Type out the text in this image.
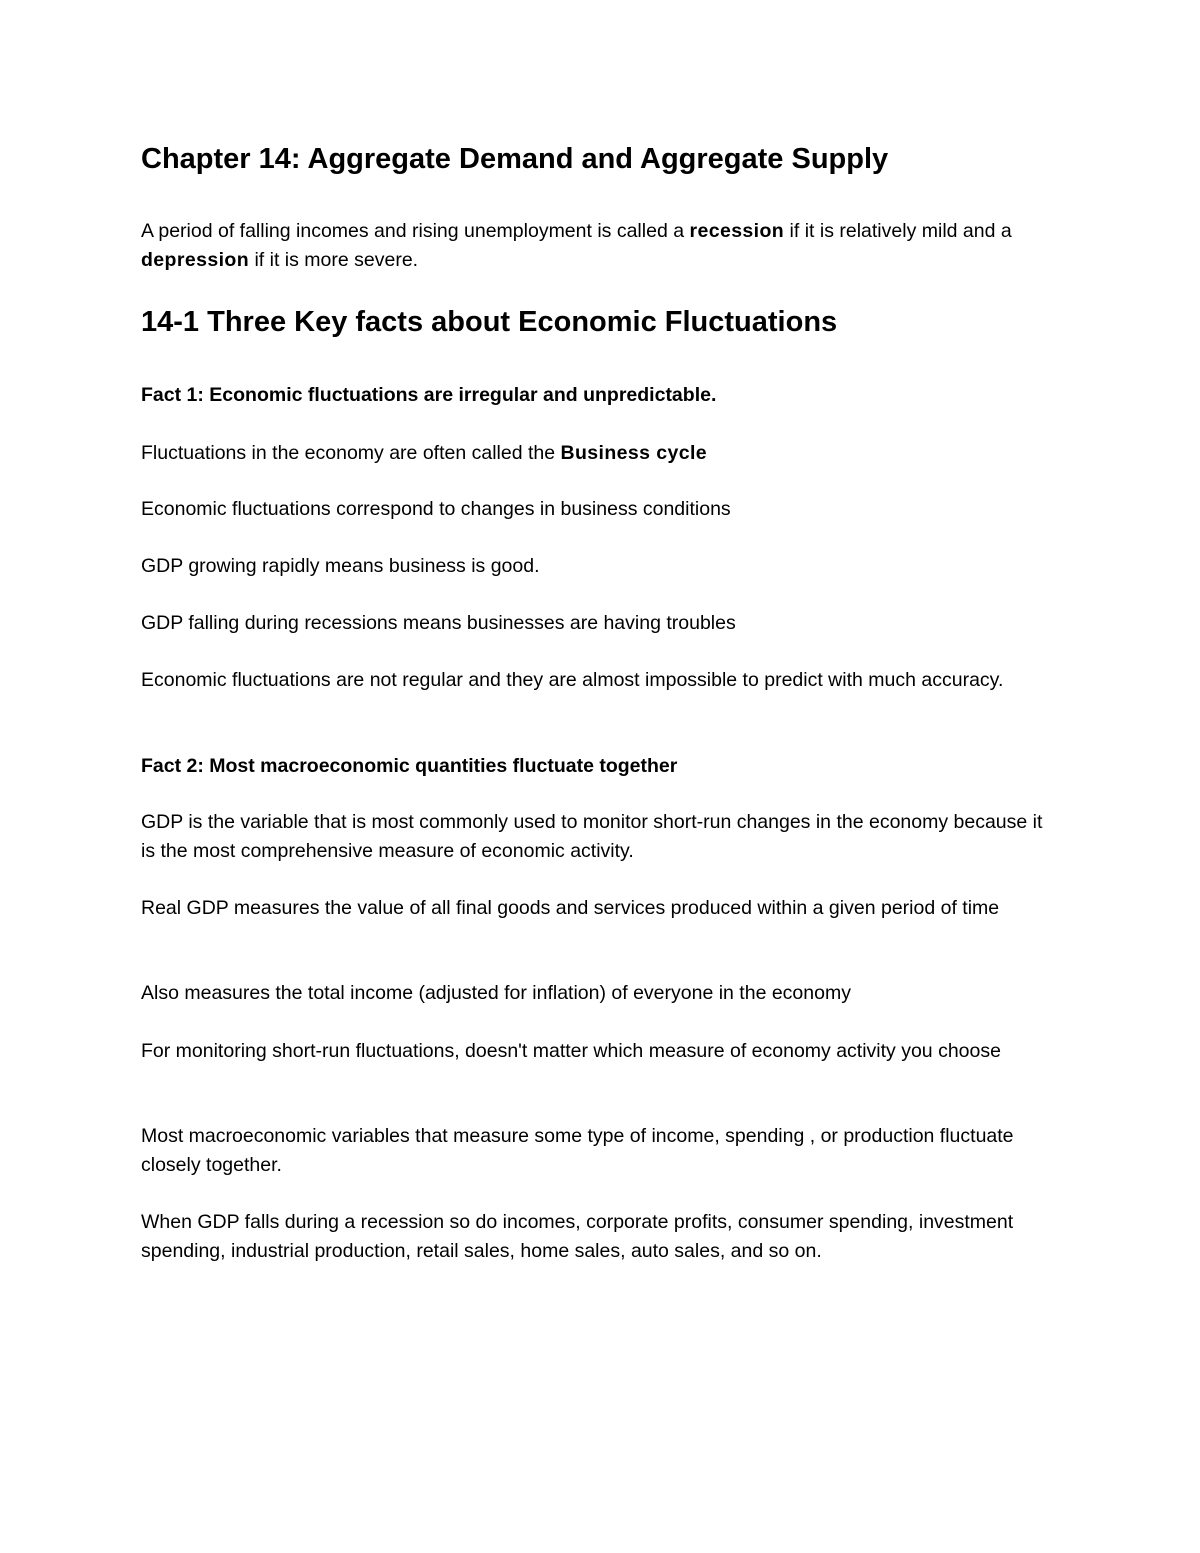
Chapter 14: Aggregate Demand and Aggregate Supply

A period of falling incomes and rising unemployment is called a recession if it is relatively mild and a depression if it is more severe.

14-1 Three Key facts about Economic Fluctuations

Fact 1: Economic fluctuations are irregular and unpredictable.

Fluctuations in the economy are often called the Business cycle

Economic fluctuations correspond to changes in business conditions

GDP growing rapidly means business is good.

GDP falling during recessions means businesses are having troubles

Economic fluctuations are not regular and they are almost impossible to predict with much accuracy.

Fact 2: Most macroeconomic quantities fluctuate together

GDP is the variable that is most commonly used to monitor short-run changes in the economy because it is the most comprehensive measure of economic activity.

Real GDP measures the value of all final goods and services produced within a given period of time

Also measures the total income (adjusted for inflation) of everyone in the economy

For monitoring short-run fluctuations, doesn't matter which measure of economy activity you choose

Most macroeconomic variables that measure some type of income, spending , or production fluctuate closely together.

When GDP falls during a recession so do incomes, corporate profits, consumer spending, investment spending, industrial production, retail sales, home sales, auto sales, and so on.
